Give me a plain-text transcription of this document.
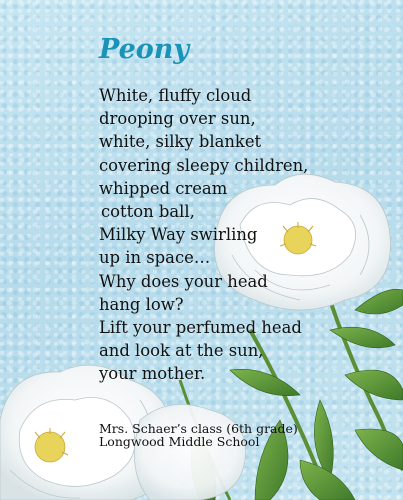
Peony
White, fluffy cloud
drooping over sun,
white, silky blanket
covering sleepy children,
whipped cream
cotton ball,
Milky Way swirling
up in space…
Why does your head
hang low?
Lift your perfumed head
and look at the sun,
your mother.
Mrs. Schaer’s class (6th grade)
Longwood Middle School
